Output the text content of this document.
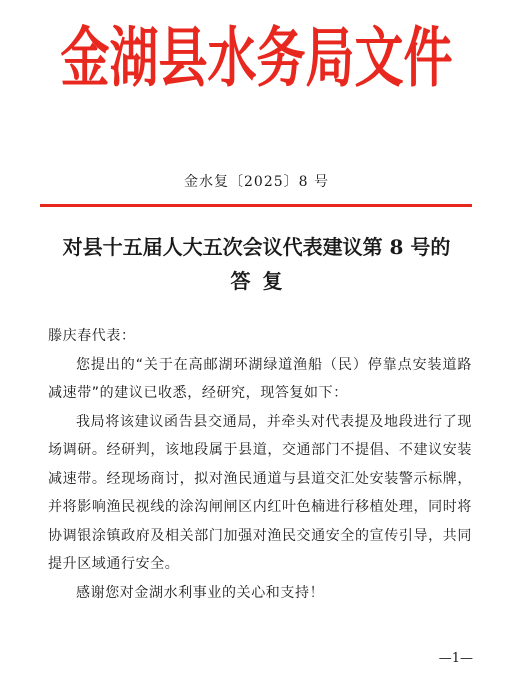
金湖县水务局文件
金水复〔2025〕8 号
对县十五届人大五次会议代表建议第 8 号的
答复

滕庆春代表：

您提出的“关于在高邮湖环湖绿道渔船（民）停靠点安装道路减速带”的建议已收悉，经研究，现答复如下：

我局将该建议函告县交通局，并牵头对代表提及地段进行了现场调研。经研判，该地段属于县道，交通部门不提倡、不建议安装减速带。经现场商讨，拟对渔民通道与县道交汇处安装警示标牌，并将影响渔民视线的涂沟闸闸区内红叶色楠进行移植处理，同时将协调银涂镇政府及相关部门加强对渔民交通安全的宣传引导，共同提升区域通行安全。

感谢您对金湖水利事业的关心和支持！

—1—
